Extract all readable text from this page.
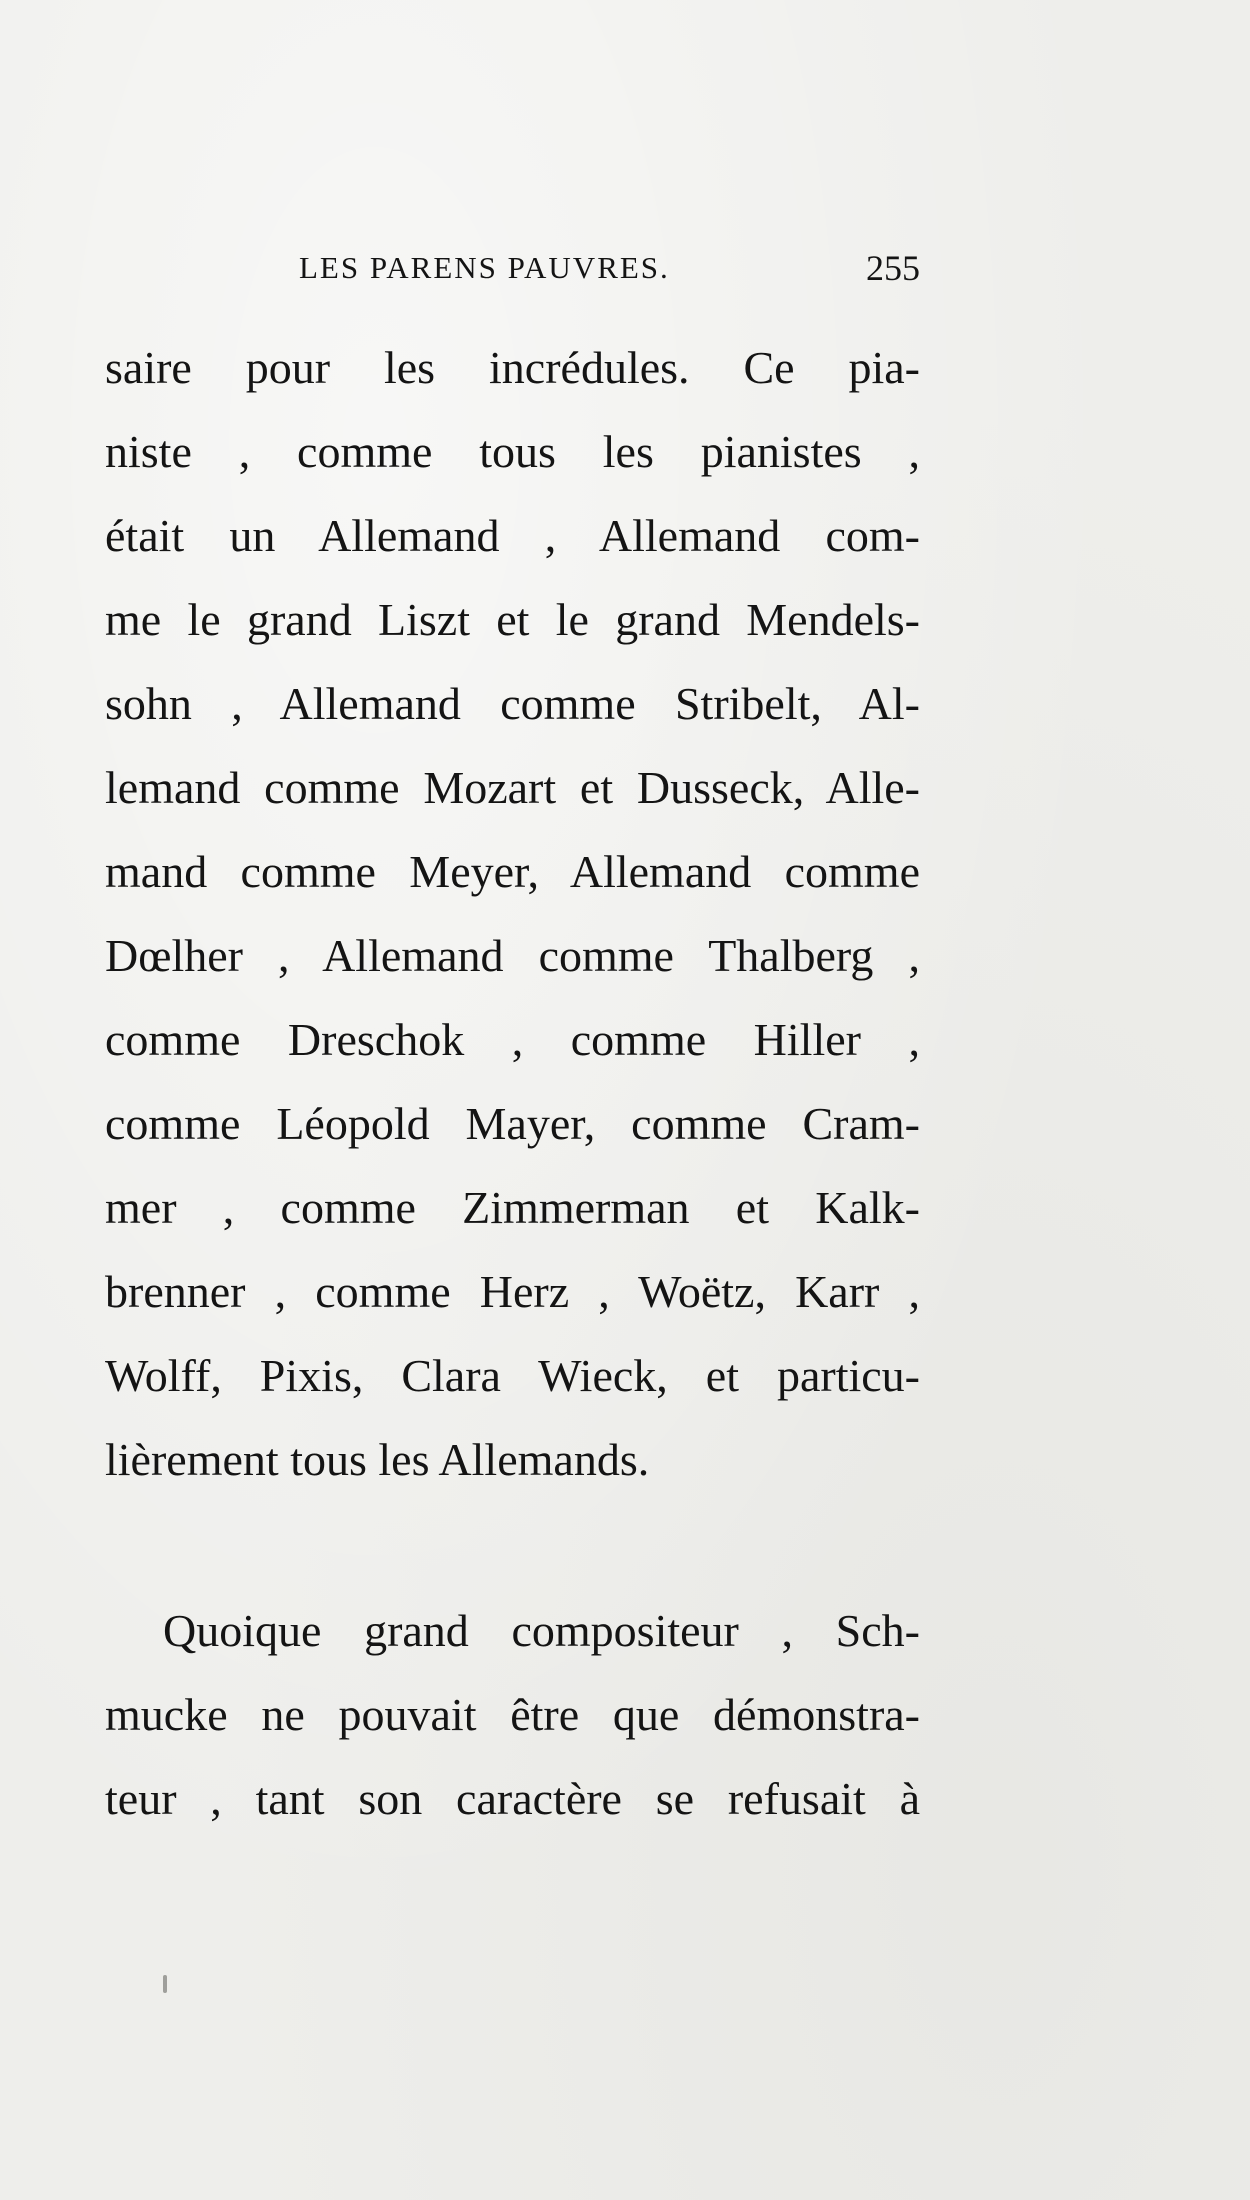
LES PARENS PAUVRES.	255
saire pour les incrédules. Ce pia-
niste , comme tous les pianistes ,
était un Allemand , Allemand com-
me le grand Liszt et le grand Mendels-
sohn , Allemand comme Stribelt, Al-
lemand comme Mozart et Dusseck, Alle-
mand comme Meyer, Allemand comme
Dœlher , Allemand comme Thalberg ,
comme Dreschok , comme Hiller ,
comme Léopold Mayer, comme Cram-
mer , comme Zimmerman et Kalk-
brenner , comme Herz , Woëtz, Karr ,
Wolff, Pixis, Clara Wieck, et particu-
lièrement tous les Allemands.
Quoique grand compositeur , Sch-
mucke ne pouvait être que démonstra-
teur , tant son caractère se refusait à
